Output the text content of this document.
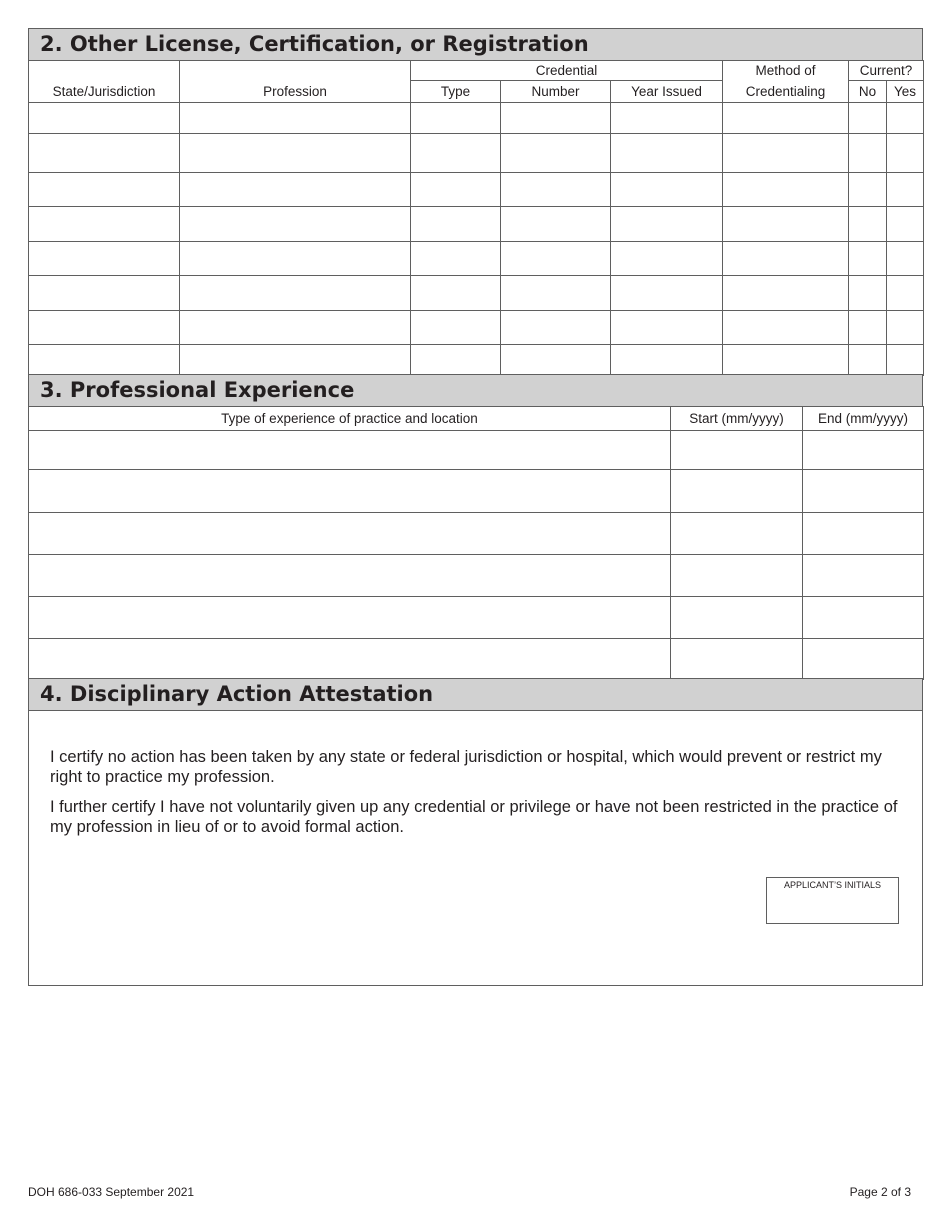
2. Other License, Certification, or Registration
		Credential			Method of	Current?	
State/Jurisdiction	Profession	Type	Number	Year Issued	Credentialing	No	Yes

3. Professional Experience
Type of experience of practice and location	Start (mm/yyyy)	End (mm/yyyy)

4. Disciplinary Action Attestation
I certify no action has been taken by any state or federal jurisdiction or hospital, which would prevent or restrict my right to practice my profession.
I further certify I have not voluntarily given up any credential or privilege or have not been restricted in the practice of my profession in lieu of or to avoid formal action.
APPLICANT’S INITIALS
DOH 686-033 September 2021	Page 2 of 3
